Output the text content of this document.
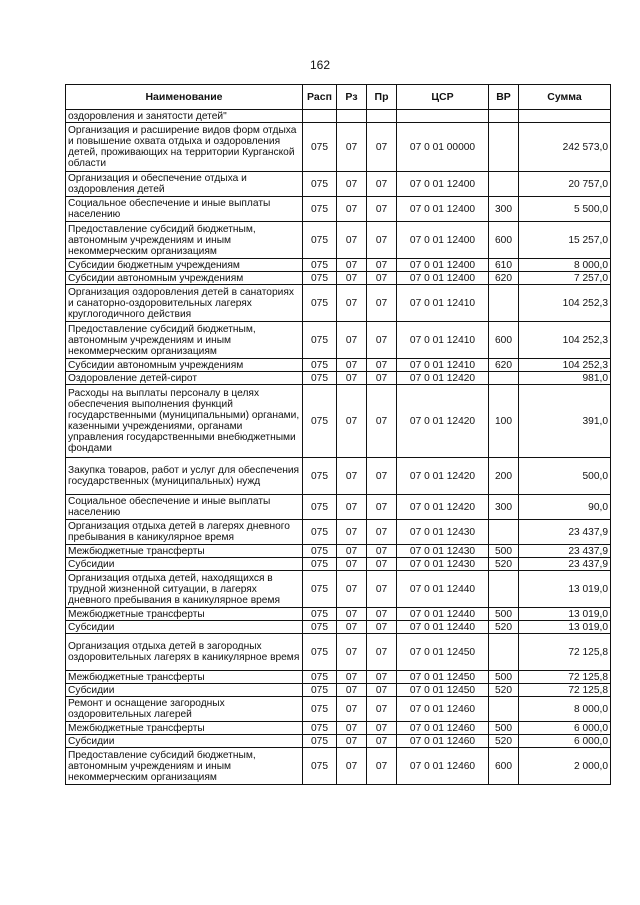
162
Наименование	Расп	Рз	Пр	ЦСР	ВР	Сумма
оздоровления и занятости детей"						
Организация и расширение видов форм отдыха и повышение охвата отдыха и оздоровления детей, проживающих на территории Курганской области	075	07	07	07 0 01 00000		242 573,0
Организация и обеспечение отдыха и оздоровления детей	075	07	07	07 0 01 12400		20 757,0
Социальное обеспечение и иные выплаты населению	075	07	07	07 0 01 12400	300	5 500,0
Предоставление субсидий бюджетным, автономным учреждениям и иным некоммерческим организациям	075	07	07	07 0 01 12400	600	15 257,0
Субсидии бюджетным учреждениям	075	07	07	07 0 01 12400	610	8 000,0
Субсидии автономным учреждениям	075	07	07	07 0 01 12400	620	7 257,0
Организация оздоровления детей в санаториях и санаторно-оздоровительных лагерях круглогодичного действия	075	07	07	07 0 01 12410		104 252,3
Предоставление субсидий бюджетным, автономным учреждениям и иным некоммерческим организациям	075	07	07	07 0 01 12410	600	104 252,3
Субсидии автономным учреждениям	075	07	07	07 0 01 12410	620	104 252,3
Оздоровление детей-сирот	075	07	07	07 0 01 12420		981,0
Расходы на выплаты персоналу в целях обеспечения выполнения функций государственными (муниципальными) органами, казенными учреждениями, органами управления государственными внебюджетными фондами	075	07	07	07 0 01 12420	100	391,0
Закупка товаров, работ и услуг для обеспечения государственных (муниципальных) нужд	075	07	07	07 0 01 12420	200	500,0
Социальное обеспечение и иные выплаты населению	075	07	07	07 0 01 12420	300	90,0
Организация отдыха детей в лагерях дневного пребывания в каникулярное время	075	07	07	07 0 01 12430		23 437,9
Межбюджетные трансферты	075	07	07	07 0 01 12430	500	23 437,9
Субсидии	075	07	07	07 0 01 12430	520	23 437,9
Организация отдыха детей, находящихся в трудной жизненной ситуации, в лагерях дневного пребывания в каникулярное время	075	07	07	07 0 01 12440		13 019,0
Межбюджетные трансферты	075	07	07	07 0 01 12440	500	13 019,0
Субсидии	075	07	07	07 0 01 12440	520	13 019,0
Организация отдыха детей в загородных оздоровительных лагерях в каникулярное время	075	07	07	07 0 01 12450		72 125,8
Межбюджетные трансферты	075	07	07	07 0 01 12450	500	72 125,8
Субсидии	075	07	07	07 0 01 12450	520	72 125,8
Ремонт и оснащение загородных оздоровительных лагерей	075	07	07	07 0 01 12460		8 000,0
Межбюджетные трансферты	075	07	07	07 0 01 12460	500	6 000,0
Субсидии	075	07	07	07 0 01 12460	520	6 000,0
Предоставление субсидий бюджетным, автономным учреждениям и иным некоммерческим организациям	075	07	07	07 0 01 12460	600	2 000,0
